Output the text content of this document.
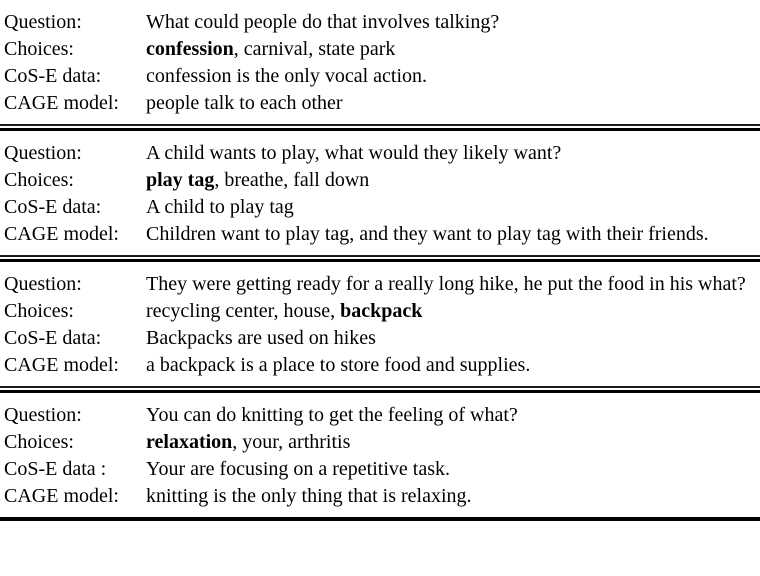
Question:	What could people do that involves talking?
Choices:	confession, carnival, state park
CoS-E data:	confession is the only vocal action.
CAGE model:	people talk to each other
Question:	A child wants to play, what would they likely want?
Choices:	play tag, breathe, fall down
CoS-E data:	A child to play tag
CAGE model:	Children want to play tag, and they want to play tag with their friends.
Question:	They were getting ready for a really long hike, he put the food in his what?
Choices:	recycling center, house, backpack
CoS-E data:	Backpacks are used on hikes
CAGE model:	a backpack is a place to store food and supplies.
Question:	You can do knitting to get the feeling of what?
Choices:	relaxation, your, arthritis
CoS-E data :	Your are focusing on a repetitive task.
CAGE model:	knitting is the only thing that is relaxing.
